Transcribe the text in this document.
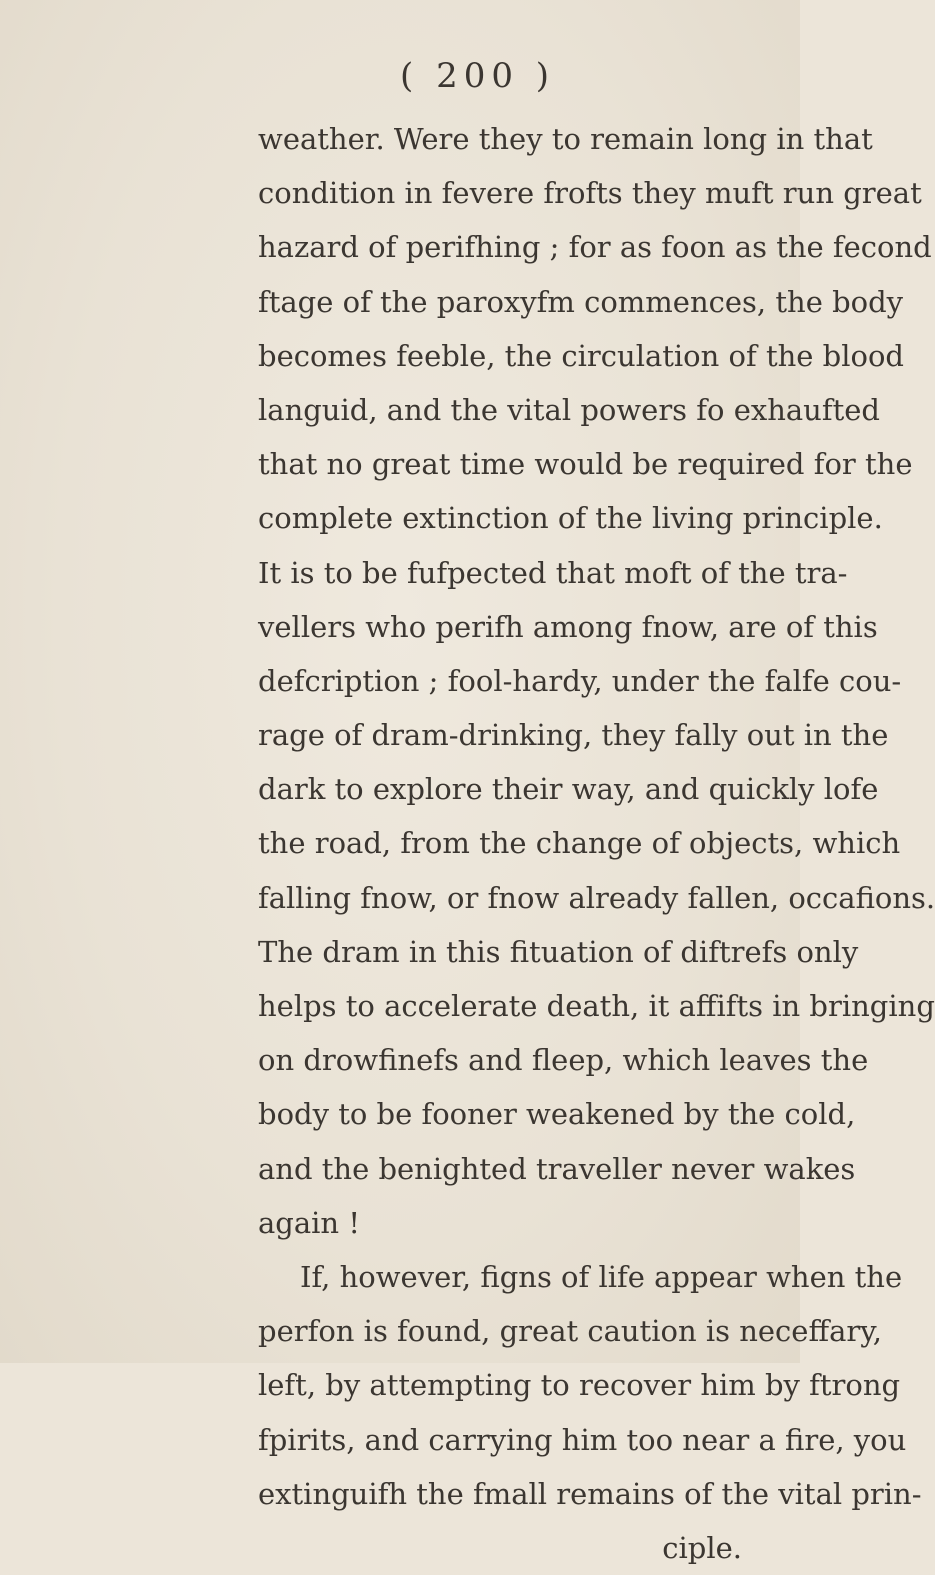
( 200 )
weather. Were they to remain long in that
condition in fevere frofts they muft run great
hazard of perifhing ; for as foon as the fecond
ftage of the paroxyfm commences, the body
becomes feeble, the circulation of the blood
languid, and the vital powers fo exhaufted
that no great time would be required for the
complete extinction of the living principle.
It is to be fufpected that moft of the tra-
vellers who perifh among fnow, are of this
defcription ; fool-hardy, under the falfe cou-
rage of dram-drinking, they fally out in the
dark to explore their way, and quickly lofe
the road, from the change of objects, which
falling fnow, or fnow already fallen, occafions.
The dram in this fituation of diftrefs only
helps to accelerate death, it affifts in bringing
on drowfinefs and fleep, which leaves the
body to be fooner weakened by the cold,
and the benighted traveller never wakes
again !
If, however, figns of life appear when the
perfon is found, great caution is neceffary,
left, by attempting to recover him by ftrong
fpirits, and carrying him too near a fire, you
extinguifh the fmall remains of the vital prin-
ciple.
